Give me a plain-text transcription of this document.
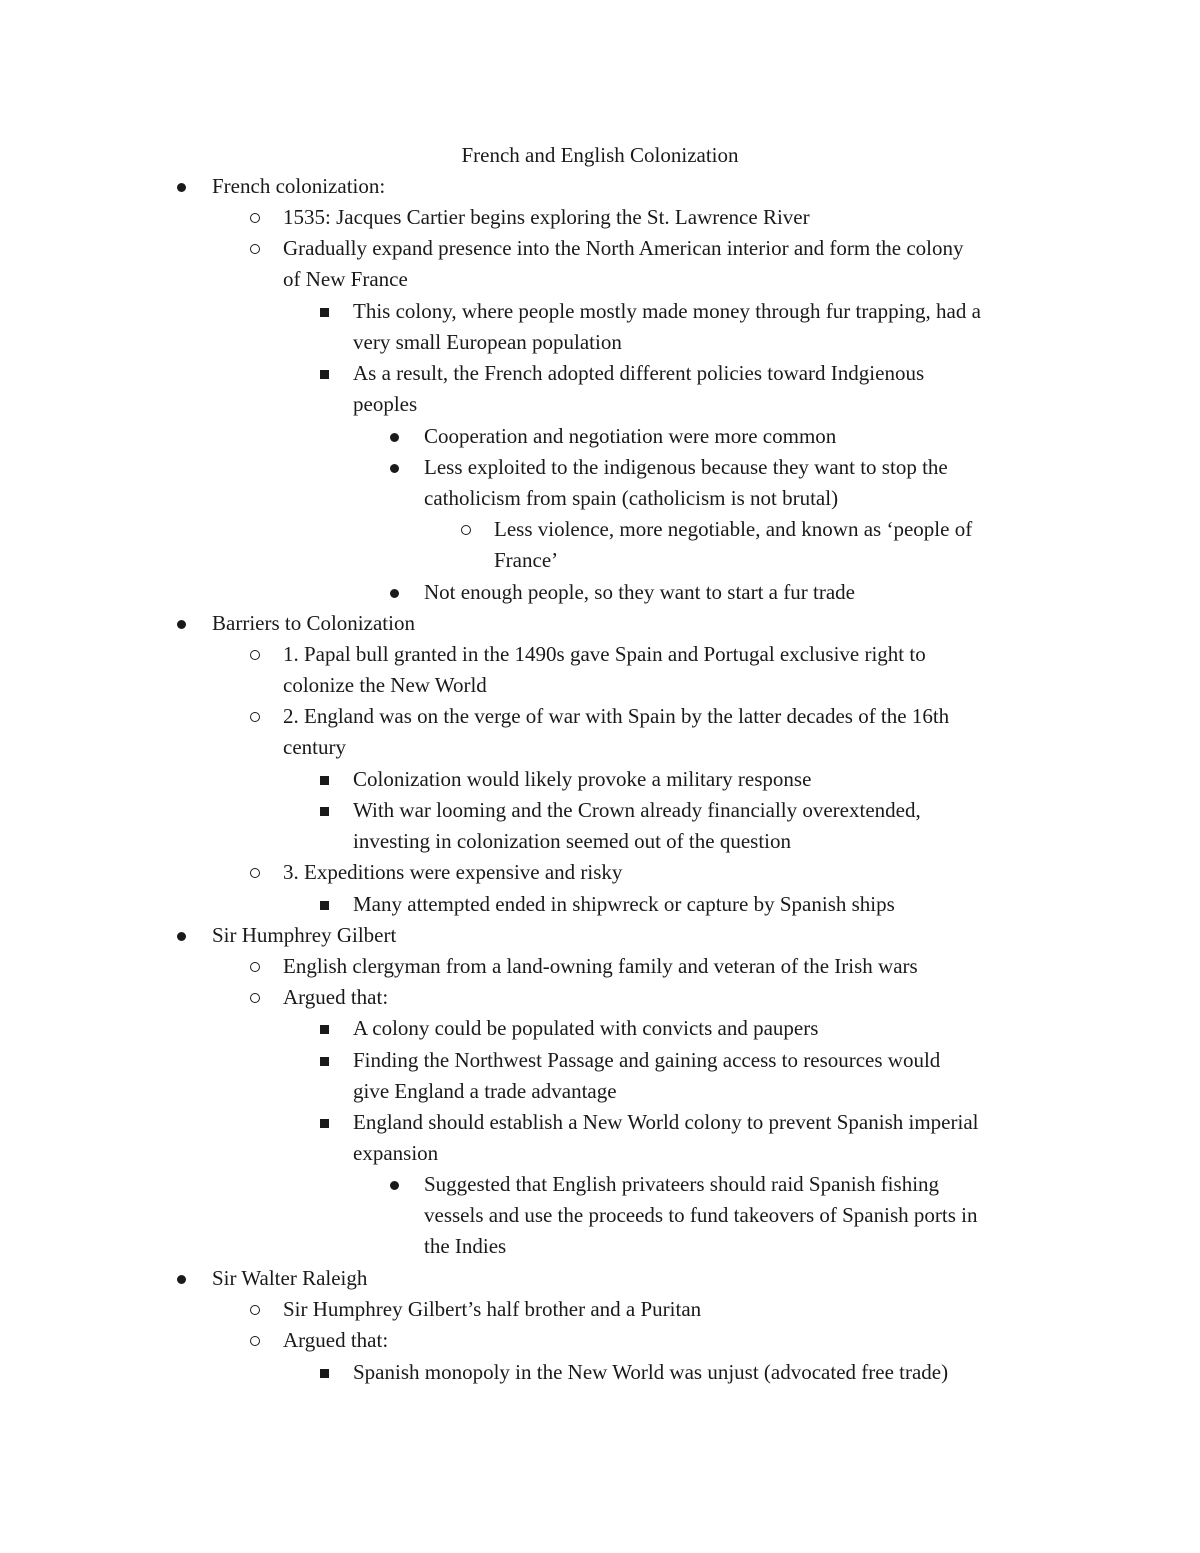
French and English Colonization
French colonization:
1535: Jacques Cartier begins exploring the St. Lawrence River
Gradually expand presence into the North American interior and form the colony
of New France
This colony, where people mostly made money through fur trapping, had a
very small European population
As a result, the French adopted different policies toward Indgienous
peoples
Cooperation and negotiation were more common
Less exploited to the indigenous because they want to stop the
catholicism from spain (catholicism is not brutal)
Less violence, more negotiable, and known as ‘people of
France’
Not enough people, so they want to start a fur trade
Barriers to Colonization
1. Papal bull granted in the 1490s gave Spain and Portugal exclusive right to
colonize the New World
2. England was on the verge of war with Spain by the latter decades of the 16th
century
Colonization would likely provoke a military response
With war looming and the Crown already financially overextended,
investing in colonization seemed out of the question
3. Expeditions were expensive and risky
Many attempted ended in shipwreck or capture by Spanish ships
Sir Humphrey Gilbert
English clergyman from a land-owning family and veteran of the Irish wars
Argued that:
A colony could be populated with convicts and paupers
Finding the Northwest Passage and gaining access to resources would
give England a trade advantage
England should establish a New World colony to prevent Spanish imperial
expansion
Suggested that English privateers should raid Spanish fishing
vessels and use the proceeds to fund takeovers of Spanish ports in
the Indies
Sir Walter Raleigh
Sir Humphrey Gilbert’s half brother and a Puritan
Argued that:
Spanish monopoly in the New World was unjust (advocated free trade)
